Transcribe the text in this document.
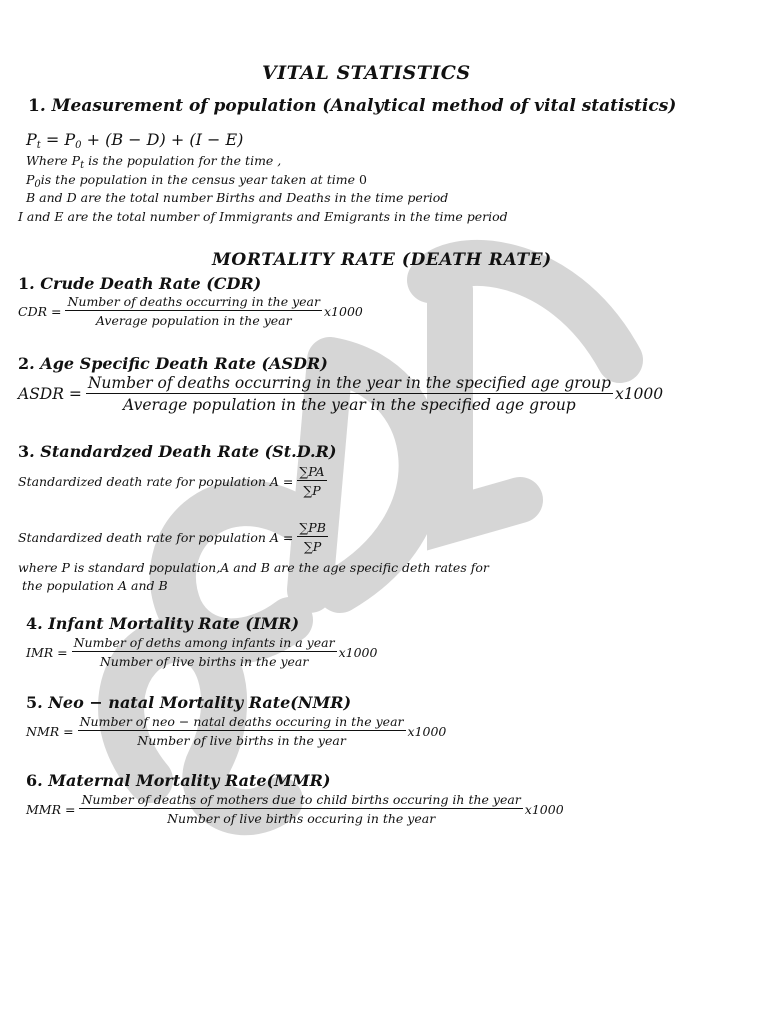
SCDLC
VITAL STATISTICS
1. Measurement of population (Analytical method of vital statistics)
$P_t = P_0 + (B - D) + (I - E)$
Where $P_t$ is the population for the time ,
$P_0is$ the population in the census year taken at time 0
B and D are the total number Births and Deaths in the time period
I and E are the total number of Immigrants and Emigrants in the time period
MORTALITY RATE (DEATH RATE)
1. Crude Death Rate (CDR)
CDR = $\frac{\text{Number of deaths occurring in the year}}{\text{Average population in the year}} x1000$
2. Age Specific Death Rate (ASDR)
ASDR =
Number of deaths occurring in the year in the specified age group
Average population in the year in the specified age group
x1000
3. Standardzed Death Rate (St.D.R)
Standardized death rate for population $A = \frac{\sum PA}{\sum P}$
Standardized death rate for population $A = \frac{\sum PB}{\sum P}$
where P is standard population,A and B are the age specific deth rates for
the population A and B
4. Infant Mortality Rate (IMR)
IMR = $\frac{\text{Number of deths among infants in a year}}{\text{Number of live births in the year}} x1000$
5. Neo − natal Mortality Rate(NMR)
NMR = $\frac{\text{Number of neo − natal deaths occuring in the year}}{\text{Number of live births in the year}} x1000$
6. Maternal Mortality Rate(MMR)
MMR =
Number of deaths of mothers due to child births occuring ih the year
Number of live births occuring in the year
x1000
